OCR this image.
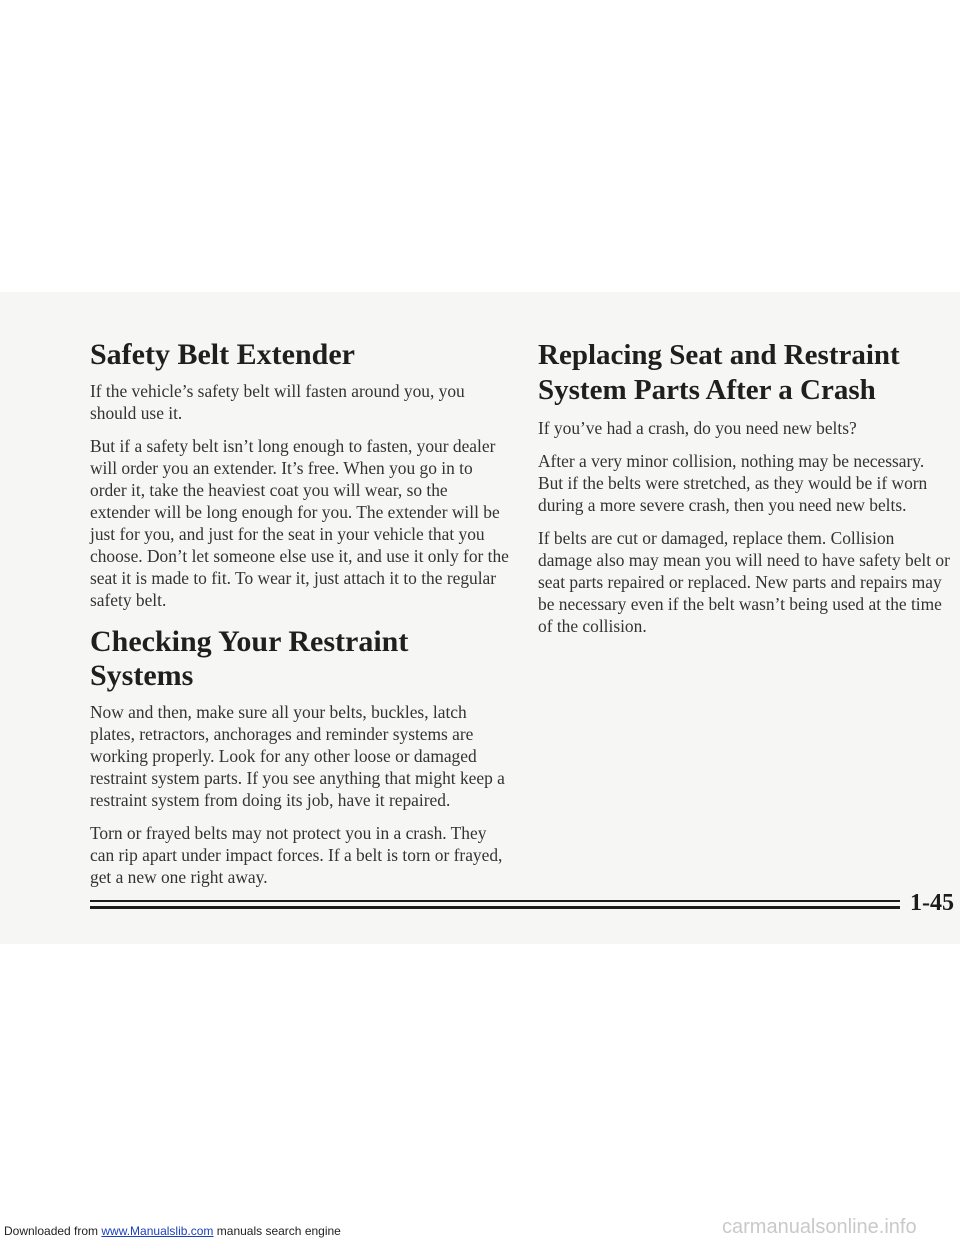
Safety Belt Extender

If the vehicle’s safety belt will fasten around you, you should use it.

But if a safety belt isn’t long enough to fasten, your dealer will order you an extender. It’s free. When you go in to order it, take the heaviest coat you will wear, so the extender will be long enough for you. The extender will be just for you, and just for the seat in your vehicle that you choose. Don’t let someone else use it, and use it only for the seat it is made to fit. To wear it, just attach it to the regular safety belt.

Checking Your Restraint Systems

Now and then, make sure all your belts, buckles, latch plates, retractors, anchorages and reminder systems are working properly. Look for any other loose or damaged restraint system parts. If you see anything that might keep a restraint system from doing its job, have it repaired.

Torn or frayed belts may not protect you in a crash. They can rip apart under impact forces. If a belt is torn or frayed, get a new one right away.

Replacing Seat and Restraint System Parts After a Crash

If you’ve had a crash, do you need new belts?

After a very minor collision, nothing may be necessary. But if the belts were stretched, as they would be if worn during a more severe crash, then you need new belts.

If belts are cut or damaged, replace them. Collision damage also may mean you will need to have safety belt or seat parts repaired or replaced. New parts and repairs may be necessary even if the belt wasn’t being used at the time of the collision.

1-45
Downloaded from www.Manualslib.com manuals search engine	carmanualsonline.info
